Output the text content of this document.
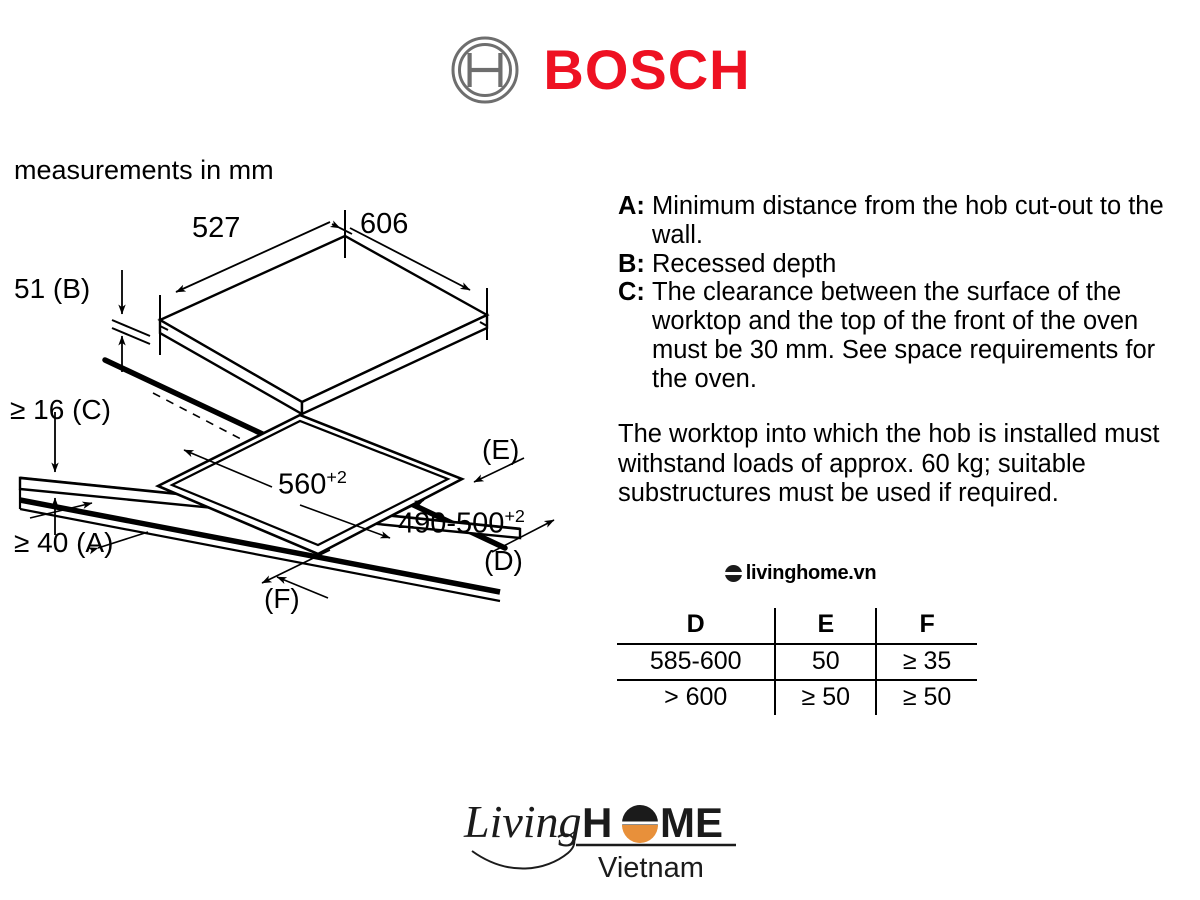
BOSCH
measurements in mm
527	606
51 (B)
≥ 16 (C)
≥ 40 (A)
$560^{+2}$
$490-500^{+2}$
(E)
(D)
(F)
A : Minimum distance from the hob cut-out to the wall.
B : Recessed depth
C : The clearance between the surface of the worktop and the top of the front of the oven must be 30 mm. See space requirements for the oven.
The worktop into which the hob is installed must withstand loads of approx. 60 kg; suitable substructures must be used if required.
livinghome.vn
D	E	F
585-600	50	≥ 35
> 600	≥ 50	≥ 50
Living H ME
Vietnam
